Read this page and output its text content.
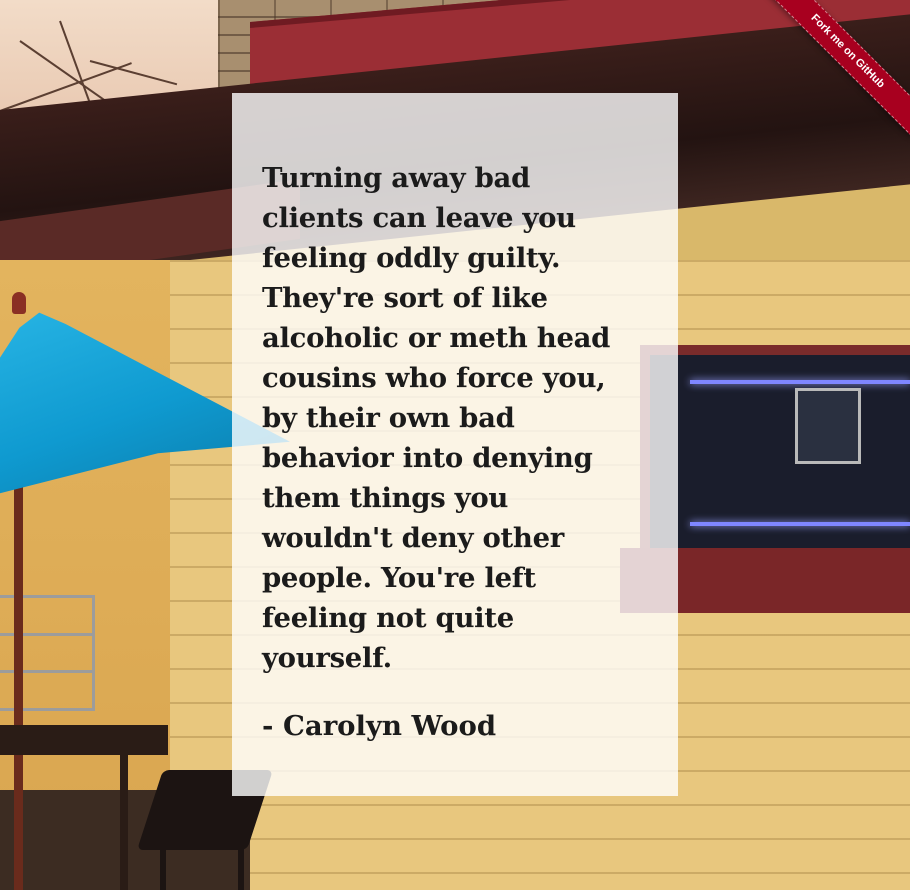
Turning away bad
clients can leave you
feeling oddly guilty.
They're sort of like
alcoholic or meth head
cousins who force you,
by their own bad
behavior into denying
them things you
wouldn't deny other
people. You're left
feeling not quite
yourself.

- Carolyn Wood

Fork me on GitHub
